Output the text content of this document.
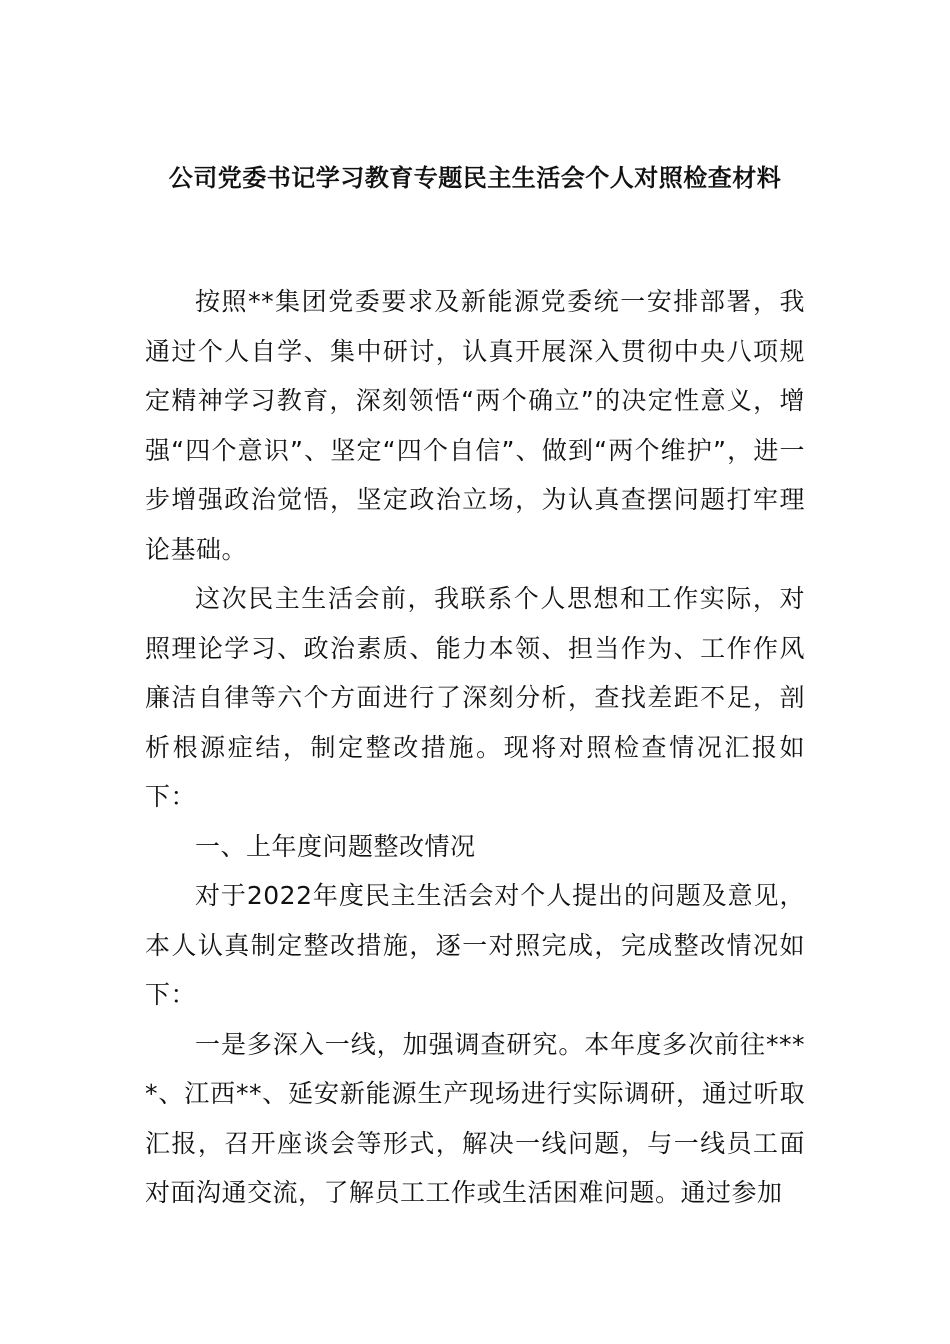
公司党委书记学习教育专题民主生活会个人对照检查材料

按照**集团党委要求及新能源党委统一安排部署，我通过个人自学、集中研讨，认真开展深入贯彻中央八项规定精神学习教育，深刻领悟“两个确立”的决定性意义，增强“四个意识”、坚定“四个自信”、做到“两个维护”，进一步增强政治觉悟，坚定政治立场，为认真查摆问题打牢理论基础。

这次民主生活会前，我联系个人思想和工作实际，对照理论学习、政治素质、能力本领、担当作为、工作作风廉洁自律等六个方面进行了深刻分析，查找差距不足，剖析根源症结，制定整改措施。现将对照检查情况汇报如下：

一、上年度问题整改情况

对于2022年度民主生活会对个人提出的问题及意见，本人认真制定整改措施，逐一对照完成，完成整改情况如下：

一是多深入一线，加强调查研究。本年度多次前往****、江西**、延安新能源生产现场进行实际调研，通过听取汇报，召开座谈会等形式，解决一线问题，与一线员工面对面沟通交流，了解员工工作或生活困难问题。通过参加
